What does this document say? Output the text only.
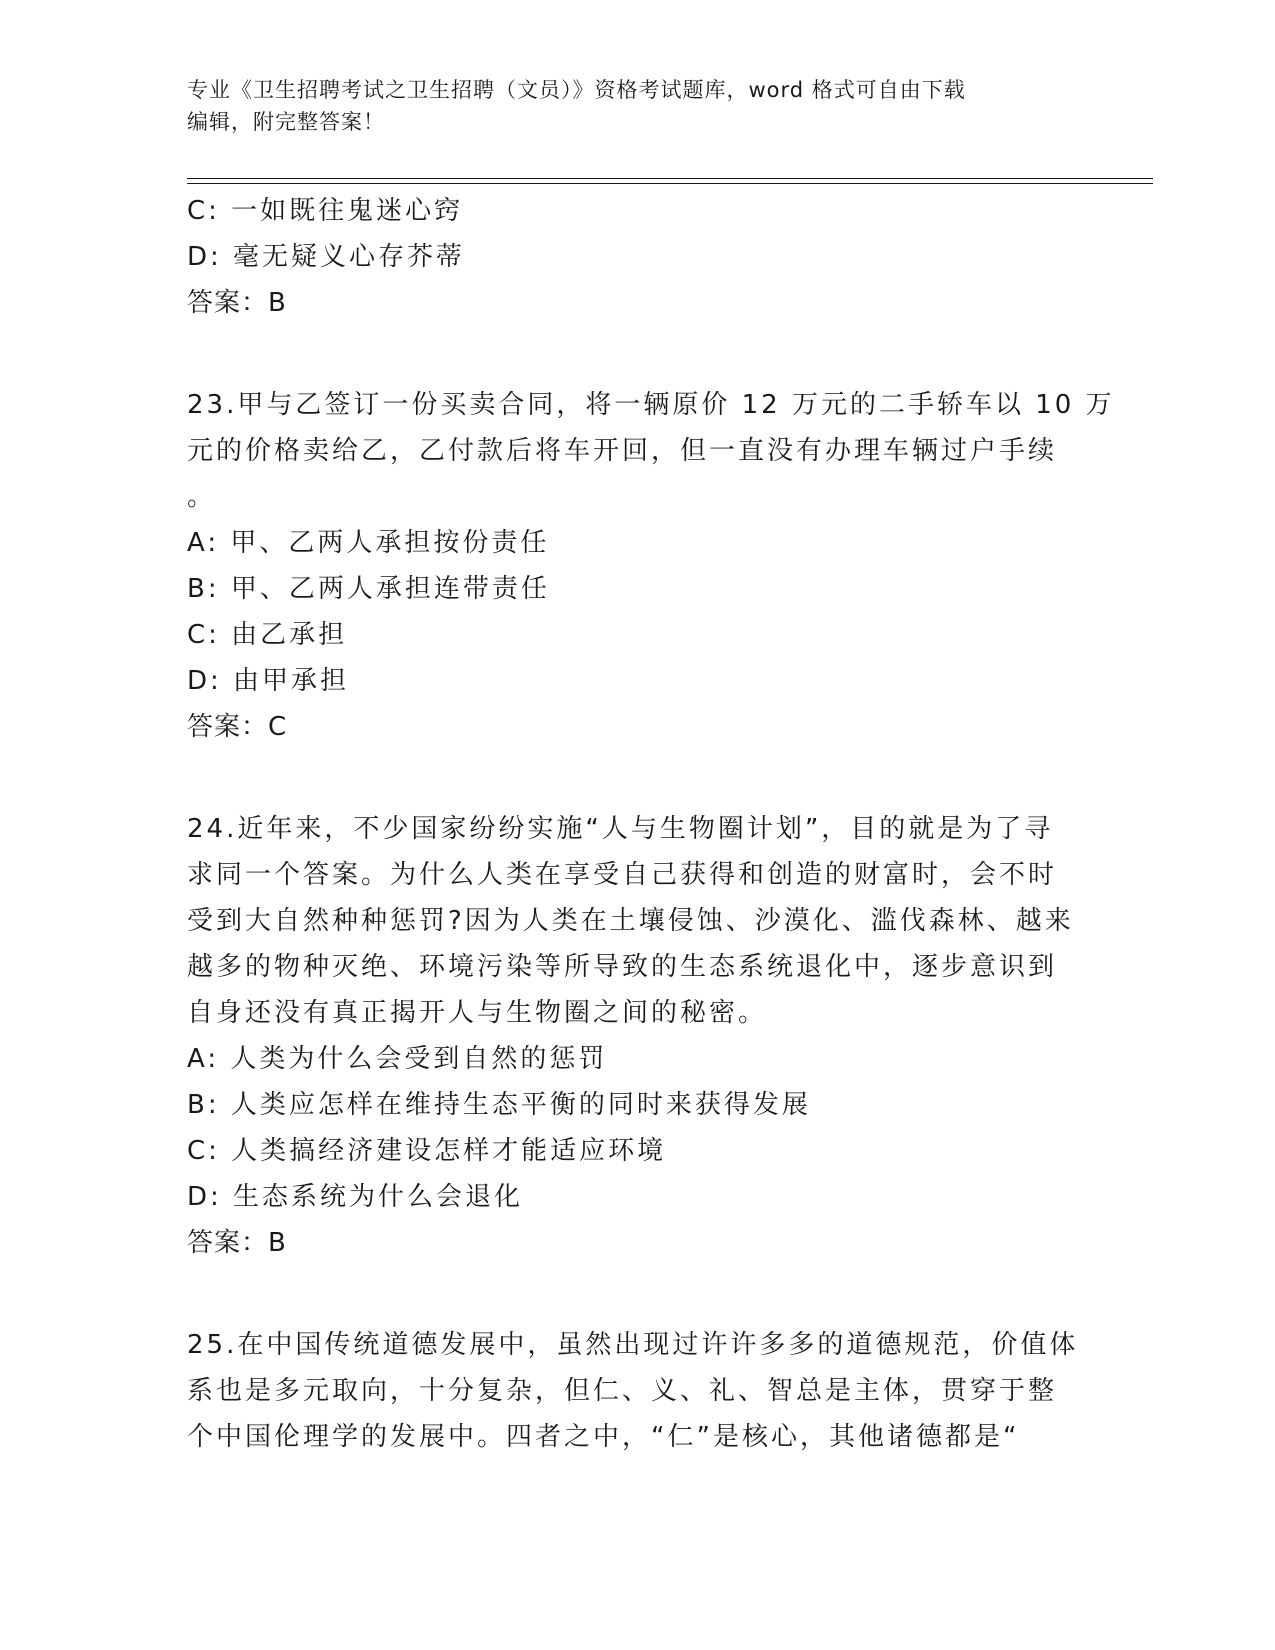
专业《卫生招聘考试之卫生招聘（文员）》资格考试题库，word 格式可自由下载
编辑，附完整答案！
C: 一如既往鬼迷心窍
D: 毫无疑义心存芥蒂
答案：B
23.甲与乙签订一份买卖合同，将一辆原价 12 万元的二手轿车以 10 万
元的价格卖给乙，乙付款后将车开回，但一直没有办理车辆过户手续
。
A: 甲、乙两人承担按份责任
B: 甲、乙两人承担连带责任
C: 由乙承担
D: 由甲承担
答案：C
24.近年来，不少国家纷纷实施“人与生物圈计划”，目的就是为了寻
求同一个答案。为什么人类在享受自己获得和创造的财富时，会不时
受到大自然种种惩罚?因为人类在土壤侵蚀、沙漠化、滥伐森林、越来
越多的物种灭绝、环境污染等所导致的生态系统退化中，逐步意识到
自身还没有真正揭开人与生物圈之间的秘密。
A: 人类为什么会受到自然的惩罚
B: 人类应怎样在维持生态平衡的同时来获得发展
C: 人类搞经济建设怎样才能适应环境
D: 生态系统为什么会退化
答案：B
25.在中国传统道德发展中，虽然出现过许许多多的道德规范，价值体
系也是多元取向，十分复杂，但仁、义、礼、智总是主体，贯穿于整
个中国伦理学的发展中。四者之中，“仁”是核心，其他诸德都是“
